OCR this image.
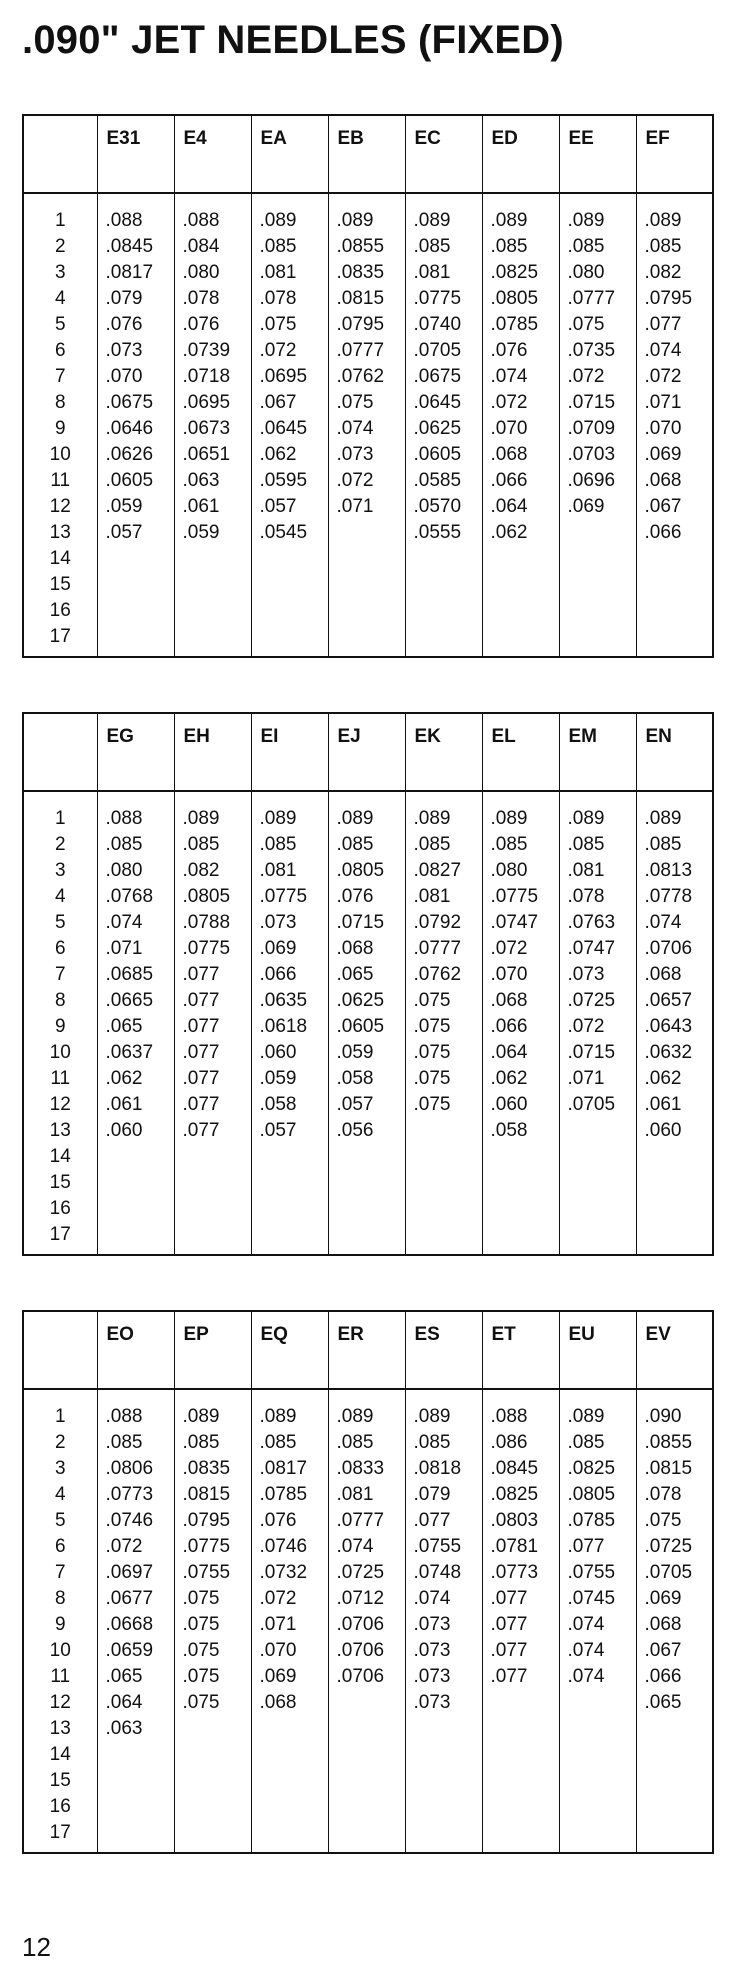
.090" JET NEEDLES (FIXED)
	E31	E4	EA	EB	EC	ED	EE	EF
1	.088	.088	.089	.089	.089	.089	.089	.089
2	.0845	.084	.085	.0855	.085	.085	.085	.085
3	.0817	.080	.081	.0835	.081	.0825	.080	.082
4	.079	.078	.078	.0815	.0775	.0805	.0777	.0795
5	.076	.076	.075	.0795	.0740	.0785	.075	.077
6	.073	.0739	.072	.0777	.0705	.076	.0735	.074
7	.070	.0718	.0695	.0762	.0675	.074	.072	.072
8	.0675	.0695	.067	.075	.0645	.072	.0715	.071
9	.0646	.0673	.0645	.074	.0625	.070	.0709	.070
10	.0626	.0651	.062	.073	.0605	.068	.0703	.069
11	.0605	.063	.0595	.072	.0585	.066	.0696	.068
12	.059	.061	.057	.071	.0570	.064	.069	.067
13	.057	.059	.0545		.0555	.062		.066
14								
15								
16								
17								
	EG	EH	EI	EJ	EK	EL	EM	EN
1	.088	.089	.089	.089	.089	.089	.089	.089
2	.085	.085	.085	.085	.085	.085	.085	.085
3	.080	.082	.081	.0805	.0827	.080	.081	.0813
4	.0768	.0805	.0775	.076	.081	.0775	.078	.0778
5	.074	.0788	.073	.0715	.0792	.0747	.0763	.074
6	.071	.0775	.069	.068	.0777	.072	.0747	.0706
7	.0685	.077	.066	.065	.0762	.070	.073	.068
8	.0665	.077	.0635	.0625	.075	.068	.0725	.0657
9	.065	.077	.0618	.0605	.075	.066	.072	.0643
10	.0637	.077	.060	.059	.075	.064	.0715	.0632
11	.062	.077	.059	.058	.075	.062	.071	.062
12	.061	.077	.058	.057	.075	.060	.0705	.061
13	.060	.077	.057	.056		.058		.060
14								
15								
16								
17								
	EO	EP	EQ	ER	ES	ET	EU	EV
1	.088	.089	.089	.089	.089	.088	.089	.090
2	.085	.085	.085	.085	.085	.086	.085	.0855
3	.0806	.0835	.0817	.0833	.0818	.0845	.0825	.0815
4	.0773	.0815	.0785	.081	.079	.0825	.0805	.078
5	.0746	.0795	.076	.0777	.077	.0803	.0785	.075
6	.072	.0775	.0746	.074	.0755	.0781	.077	.0725
7	.0697	.0755	.0732	.0725	.0748	.0773	.0755	.0705
8	.0677	.075	.072	.0712	.074	.077	.0745	.069
9	.0668	.075	.071	.0706	.073	.077	.074	.068
10	.0659	.075	.070	.0706	.073	.077	.074	.067
11	.065	.075	.069	.0706	.073	.077	.074	.066
12	.064	.075	.068		.073			.065
13	.063							
14								
15								
16								
17								
12
